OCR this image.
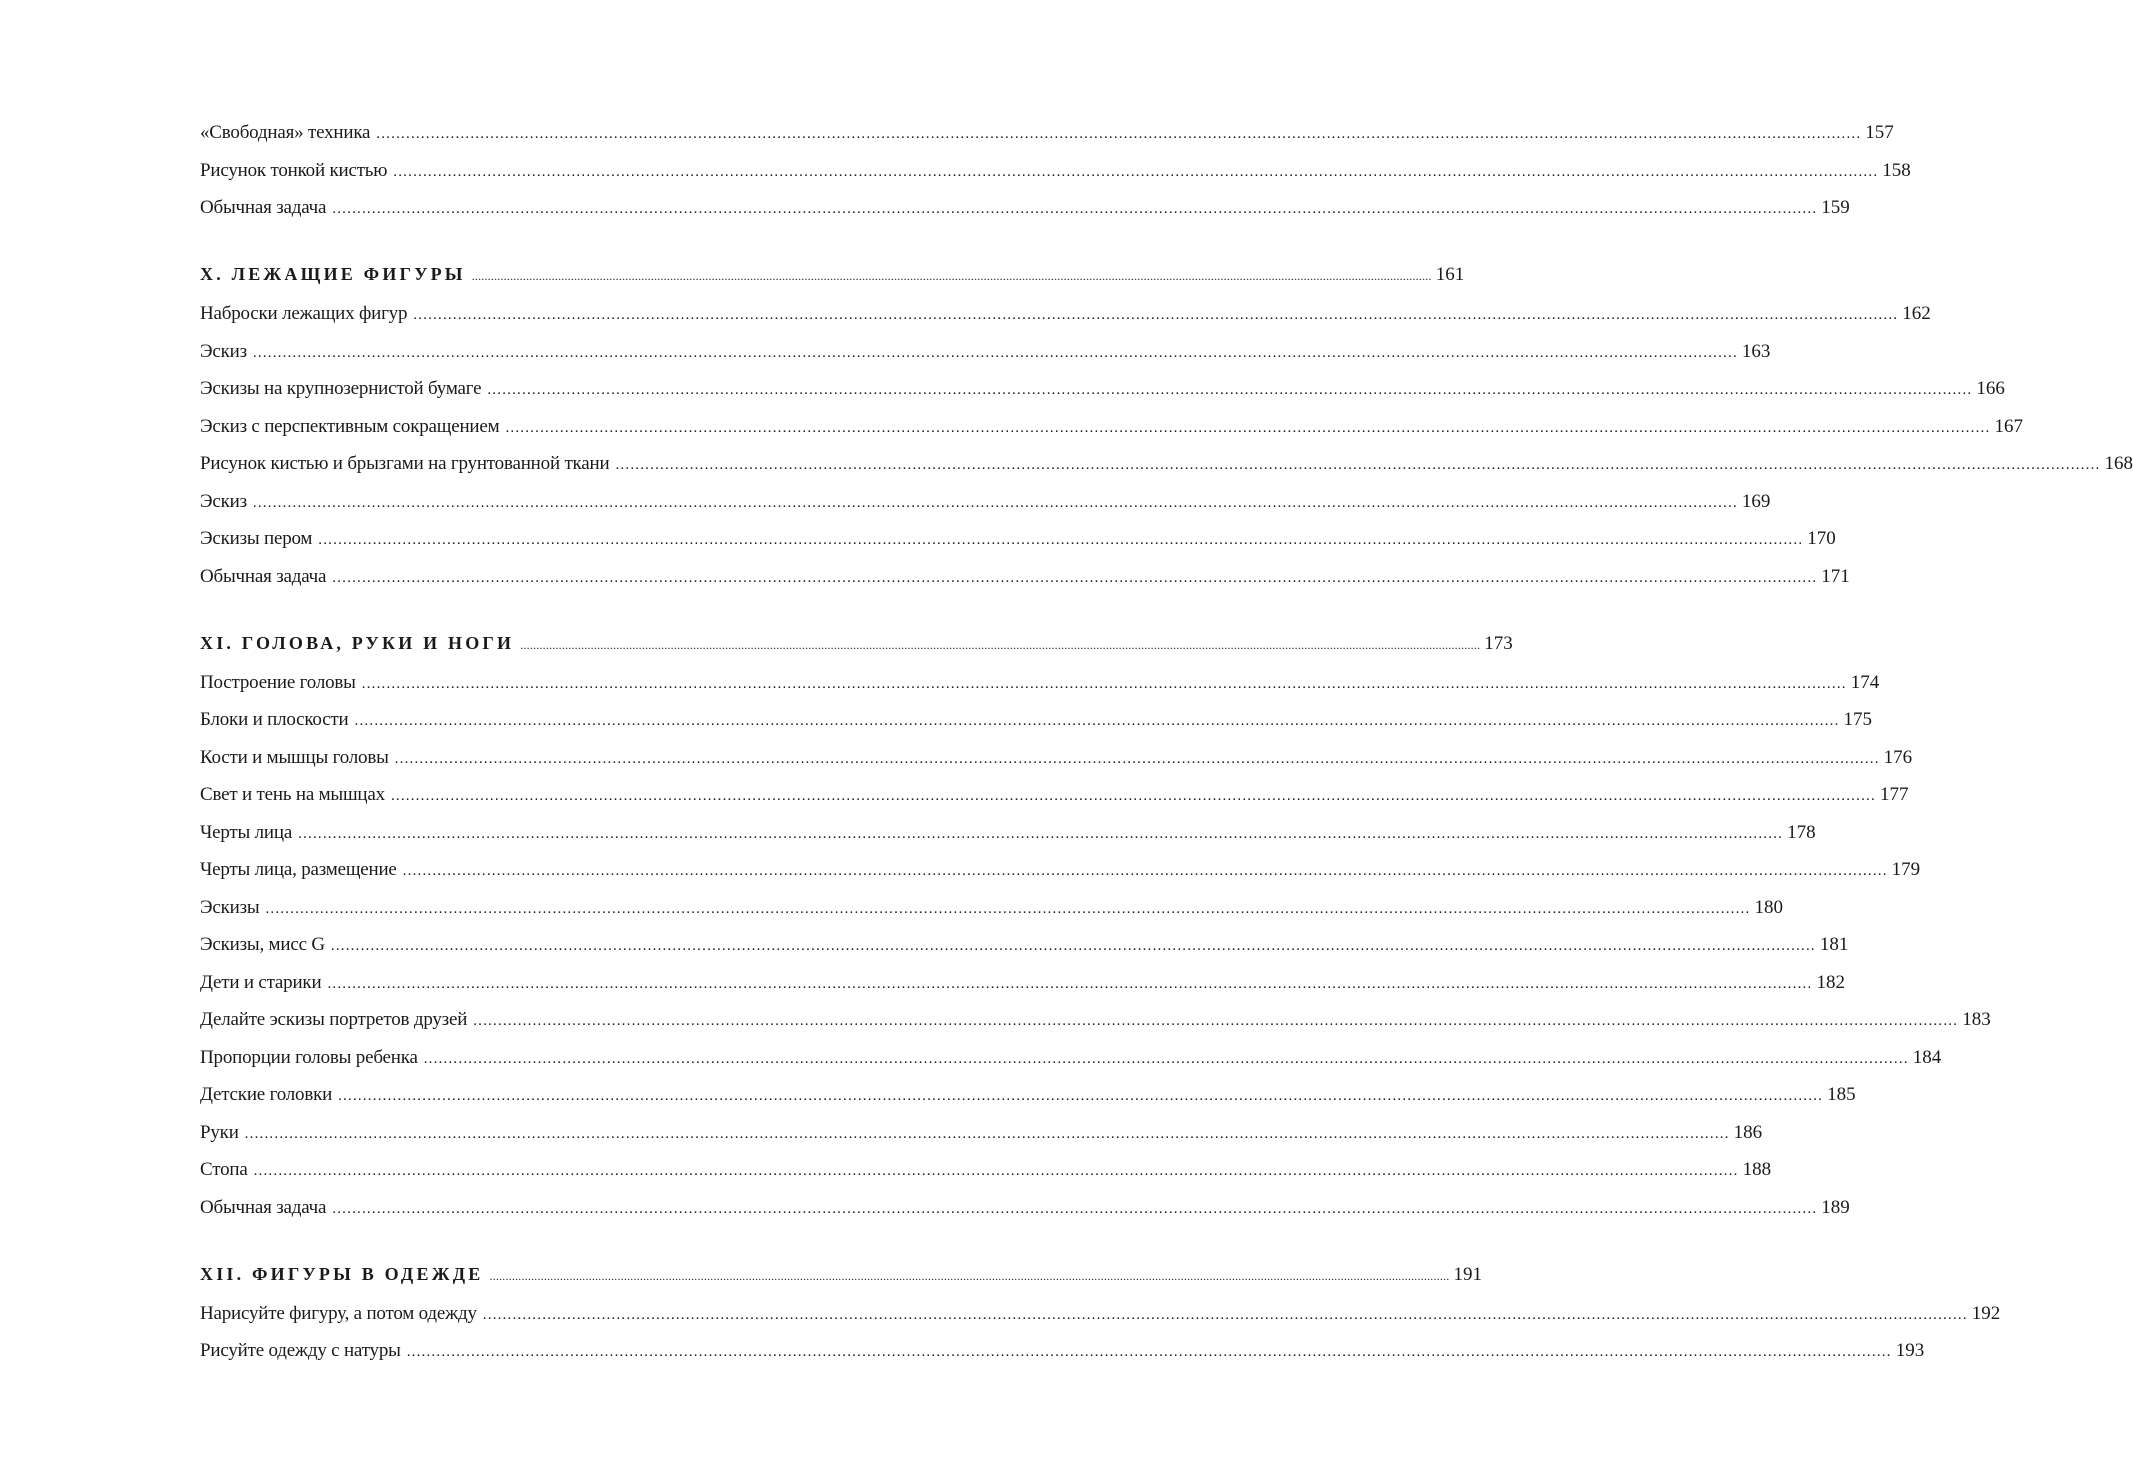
«Свободная» техника ............................................................................................................................................................................................................................................................................................................ 157
Рисунок тонкой кистью ............................................................................................................................................................................................................................................................................................................ 158
Обычная задача ............................................................................................................................................................................................................................................................................................................ 159
X. ЛЕЖАЩИЕ ФИГУРЫ ............................................................................................................................................................................................................................................................................................................ 161
Наброски лежащих фигур ............................................................................................................................................................................................................................................................................................................ 162
Эскиз ............................................................................................................................................................................................................................................................................................................ 163
Эскизы на крупнозернистой бумаге ............................................................................................................................................................................................................................................................................................................ 166
Эскиз с перспективным сокращением ............................................................................................................................................................................................................................................................................................................ 167
Рисунок кистью и брызгами на грунтованной ткани ............................................................................................................................................................................................................................................................................................................ 168
Эскиз ............................................................................................................................................................................................................................................................................................................ 169
Эскизы пером ............................................................................................................................................................................................................................................................................................................ 170
Обычная задача ............................................................................................................................................................................................................................................................................................................ 171
XI. ГОЛОВА, РУКИ И НОГИ ............................................................................................................................................................................................................................................................................................................ 173
Построение головы ............................................................................................................................................................................................................................................................................................................ 174
Блоки и плоскости ............................................................................................................................................................................................................................................................................................................ 175
Кости и мышцы головы ............................................................................................................................................................................................................................................................................................................ 176
Свет и тень на мышцах ............................................................................................................................................................................................................................................................................................................ 177
Черты лица ............................................................................................................................................................................................................................................................................................................ 178
Черты лица, размещение ............................................................................................................................................................................................................................................................................................................ 179
Эскизы ............................................................................................................................................................................................................................................................................................................ 180
Эскизы, мисс G ............................................................................................................................................................................................................................................................................................................ 181
Дети и старики ............................................................................................................................................................................................................................................................................................................ 182
Делайте эскизы портретов друзей ............................................................................................................................................................................................................................................................................................................ 183
Пропорции головы ребенка ............................................................................................................................................................................................................................................................................................................ 184
Детские головки ............................................................................................................................................................................................................................................................................................................ 185
Руки ............................................................................................................................................................................................................................................................................................................ 186
Стопа ............................................................................................................................................................................................................................................................................................................ 188
Обычная задача ............................................................................................................................................................................................................................................................................................................ 189
XII. ФИГУРЫ В ОДЕЖДЕ ............................................................................................................................................................................................................................................................................................................ 191
Нарисуйте фигуру, а потом одежду ............................................................................................................................................................................................................................................................................................................ 192
Рисуйте одежду с натуры ............................................................................................................................................................................................................................................................................................................ 193
